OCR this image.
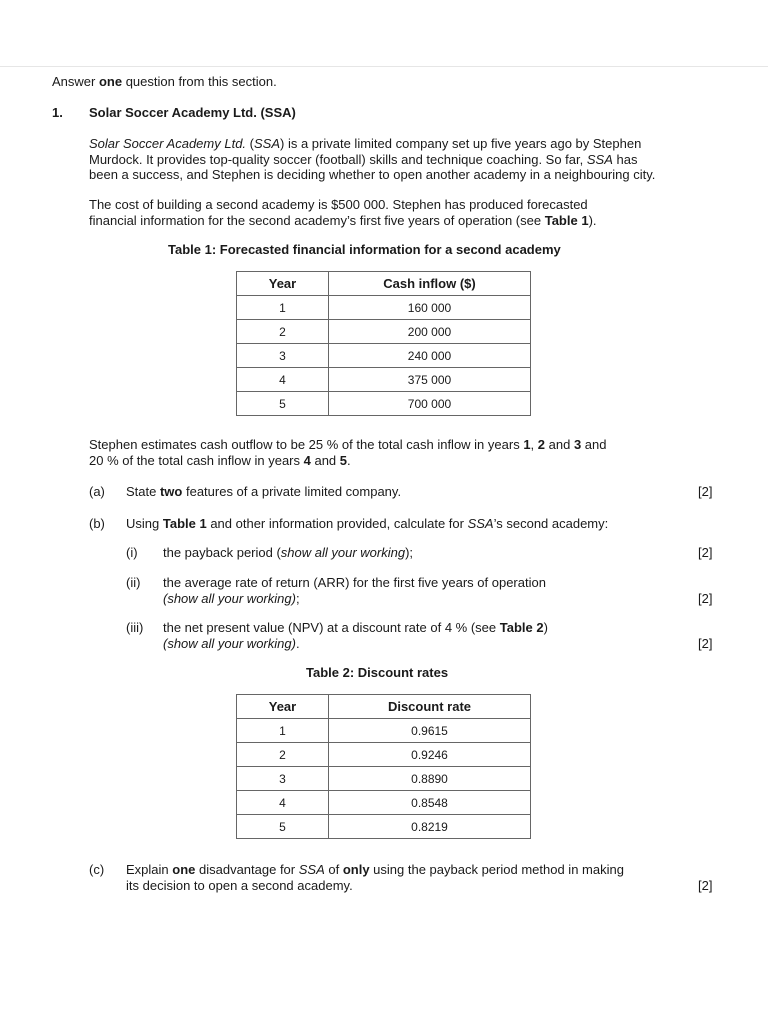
Answer one question from this section.
1. Solar Soccer Academy Ltd. (SSA)
Solar Soccer Academy Ltd. (SSA) is a private limited company set up five years ago by Stephen
Murdock. It provides top-quality soccer (football) skills and technique coaching. So far, SSA has
been a success, and Stephen is deciding whether to open another academy in a neighbouring city.
The cost of building a second academy is $500 000. Stephen has produced forecasted
financial information for the second academy’s first five years of operation (see Table 1).
Table 1: Forecasted financial information for a second academy
Year	Cash inflow ($)
1	160 000
2	200 000
3	240 000
4	375 000
5	700 000
Stephen estimates cash outflow to be 25 % of the total cash inflow in years 1, 2 and 3 and
20 % of the total cash inflow in years 4 and 5.
(a) State two features of a private limited company.	[2]
(b) Using Table 1 and other information provided, calculate for SSA’s second academy:
(i) the payback period (show all your working);	[2]
(ii) the average rate of return (ARR) for the first five years of operation
(show all your working);	[2]
(iii) the net present value (NPV) at a discount rate of 4 % (see Table 2)
(show all your working).	[2]
Table 2: Discount rates
Year	Discount rate
1	0.9615
2	0.9246
3	0.8890
4	0.8548
5	0.8219
(c) Explain one disadvantage for SSA of only using the payback period method in making
its decision to open a second academy.	[2]
